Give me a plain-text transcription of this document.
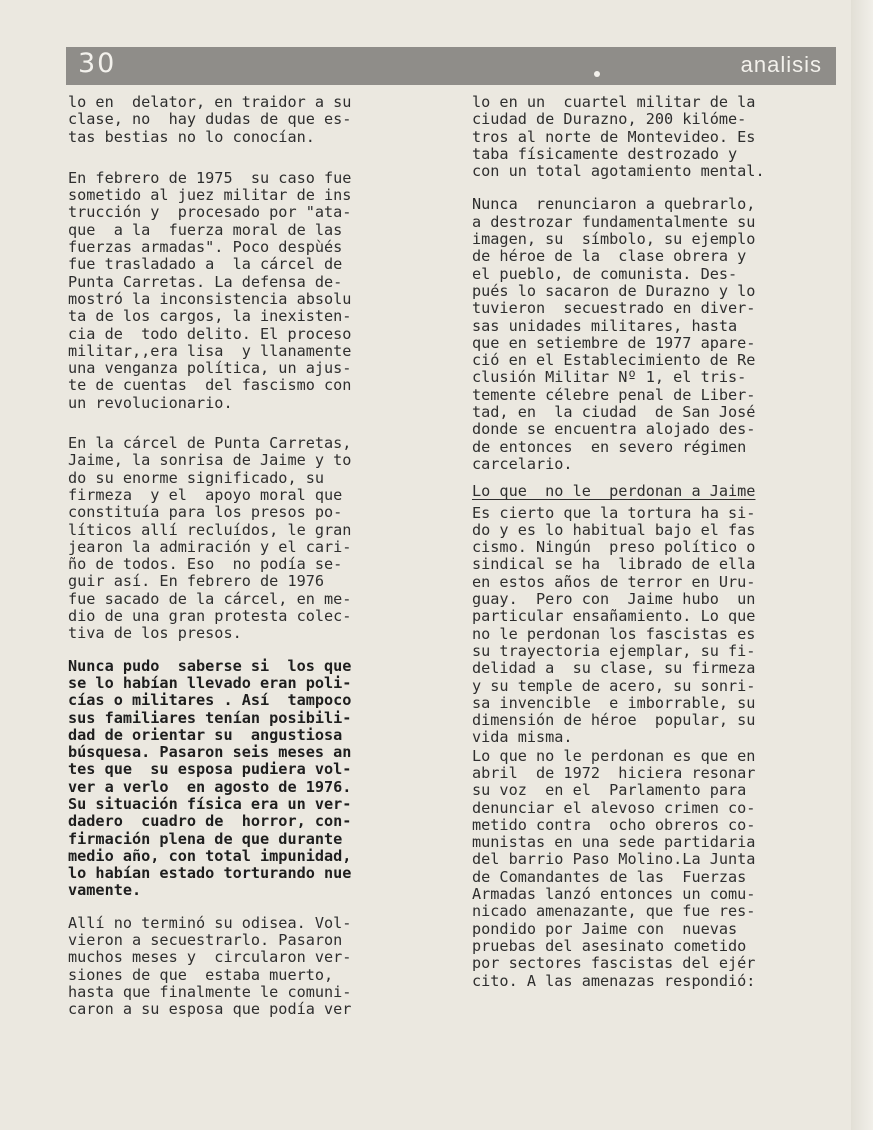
30	analisis
lo en  delator, en traidor a su
clase, no  hay dudas de que es-
tas bestias no lo conocían.
En febrero de 1975  su caso fue
sometido al juez militar de ins
trucción y  procesado por "ata-
que  a la  fuerza moral de las
fuerzas armadas". Poco despùés
fue trasladado a  la cárcel de
Punta Carretas. La defensa de-
mostró la inconsistencia absolu
ta de los cargos, la inexisten-
cia de  todo delito. El proceso
militar,,era lisa  y llanamente
una venganza política, un ajus-
te de cuentas  del fascismo con
un revolucionario.
En la cárcel de Punta Carretas,
Jaime, la sonrisa de Jaime y to
do su enorme significado, su
firmeza  y el  apoyo moral que
constituía para los presos po-
líticos allí recluídos, le gran
jearon la admiración y el cari-
ño de todos. Eso  no podía se-
guir así. En febrero de 1976
fue sacado de la cárcel, en me-
dio de una gran protesta colec-
tiva de los presos.
Nunca pudo  saberse si  los que
se lo habían llevado eran poli-
cías o militares . Así  tampoco
sus familiares tenían posibili-
dad de orientar su  angustiosa
búsquesa. Pasaron seis meses an
tes que  su esposa pudiera vol-
ver a verlo  en agosto de 1976.
Su situación física era un ver-
dadero  cuadro de  horror, con-
firmación plena de que durante
medio año, con total impunidad,
lo habían estado torturando nue
vamente.
Allí no terminó su odisea. Vol-
vieron a secuestrarlo. Pasaron
muchos meses y  circularon ver-
siones de que  estaba muerto,
hasta que finalmente le comuni-
caron a su esposa que podía ver
lo en un  cuartel militar de la
ciudad de Durazno, 200 kilóme-
tros al norte de Montevideo. Es
taba físicamente destrozado y
con un total agotamiento mental.
Nunca  renunciaron a quebrarlo,
a destrozar fundamentalmente su
imagen, su  símbolo, su ejemplo
de héroe de la  clase obrera y
el pueblo, de comunista. Des-
pués lo sacaron de Durazno y lo
tuvieron  secuestrado en diver-
sas unidades militares, hasta
que en setiembre de 1977 apare-
ció en el Establecimiento de Re
clusión Militar Nº 1, el tris-
temente célebre penal de Liber-
tad, en  la ciudad  de San José
donde se encuentra alojado des-
de entonces  en severo régimen
carcelario.
Lo que  no le  perdonan a Jaime
Es cierto que la tortura ha si-
do y es lo habitual bajo el fas
cismo. Ningún  preso político o
sindical se ha  librado de ella
en estos años de terror en Uru-
guay.  Pero con  Jaime hubo  un
particular ensañamiento. Lo que
no le perdonan los fascistas es
su trayectoria ejemplar, su fi-
delidad a  su clase, su firmeza
y su temple de acero, su sonri-
sa invencible  e imborrable, su
dimensión de héroe  popular, su
vida misma.
Lo que no le perdonan es que en
abril  de 1972  hiciera resonar
su voz  en el  Parlamento para
denunciar el alevoso crimen co-
metido contra  ocho obreros co-
munistas en una sede partidaria
del barrio Paso Molino.La Junta
de Comandantes de las  Fuerzas
Armadas lanzó entonces un comu-
nicado amenazante, que fue res-
pondido por Jaime con  nuevas
pruebas del asesinato cometido
por sectores fascistas del ejér
cito. A las amenazas respondió:
